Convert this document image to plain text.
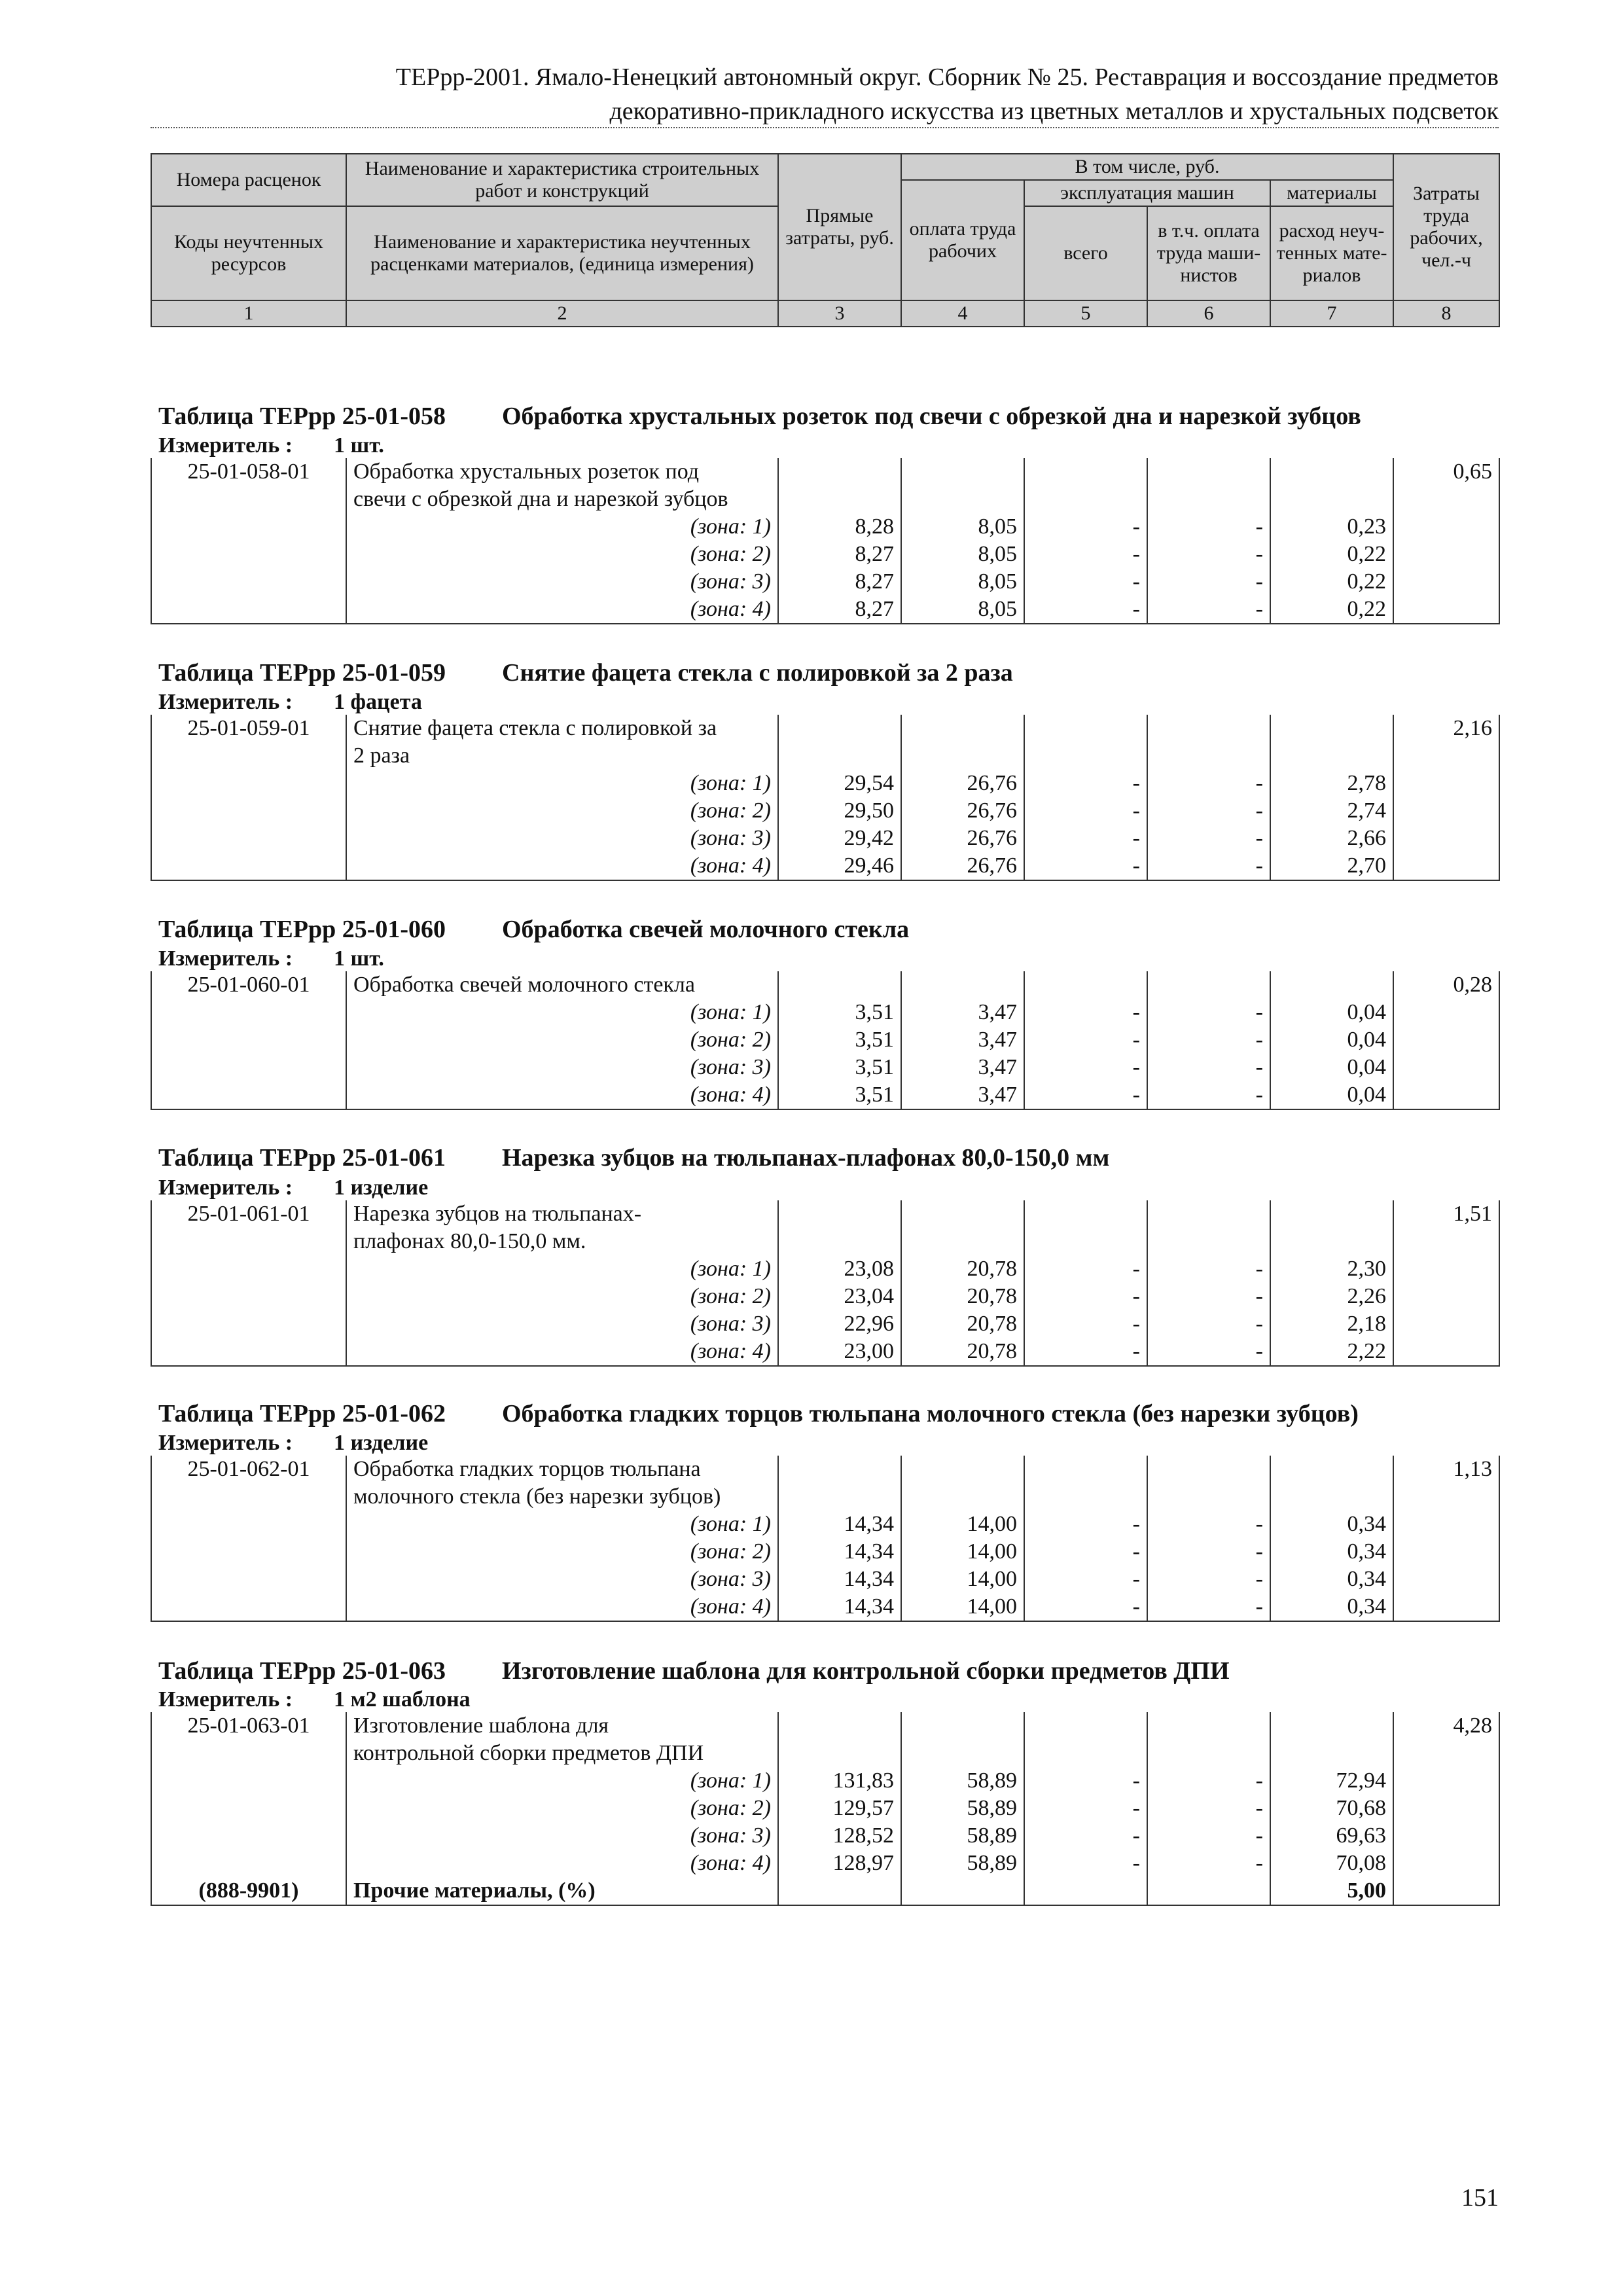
ТЕРрр-2001. Ямало-Ненецкий автономный округ. Сборник № 25. Реставрация и воссоздание предметов
декоративно-прикладного искусства из цветных металлов и хрустальных подсветок
Номера расценок	Наименование и характеристика строительных работ и конструкций	Прямые затраты, руб.	В том числе, руб.				Затраты труда рабочих, чел.-ч
			оплата труда рабочих	эксплуатация машин		материалы	
Коды неучтенных ресурсов	Наименование и характеристика неучтенных расценками материалов, (единица измерения)			всего	в т.ч. оплата труда маши-нистов	расход неуч-тенных мате-риалов	

1	2	3	4	5	6	7	8
Таблица ТЕРрр 25-01-058 Обработка хрустальных розеток под свечи с обрезкой дна и нарезкой зубцов
Измеритель : 1 шт.
25-01-058-01	Обработка хрустальных розеток под						0,65
	свечи с обрезкой дна и нарезкой зубцов						
	(зона: 1)	8,28	8,05	-	-	0,23	
	(зона: 2)	8,27	8,05	-	-	0,22	
	(зона: 3)	8,27	8,05	-	-	0,22	
	(зона: 4)	8,27	8,05	-	-	0,22	
Таблица ТЕРрр 25-01-059 Снятие фацета стекла с полировкой за 2 раза
Измеритель : 1 фацета
25-01-059-01	Снятие фацета стекла с полировкой за						2,16
	2 раза						
	(зона: 1)	29,54	26,76	-	-	2,78	
	(зона: 2)	29,50	26,76	-	-	2,74	
	(зона: 3)	29,42	26,76	-	-	2,66	
	(зона: 4)	29,46	26,76	-	-	2,70	
Таблица ТЕРрр 25-01-060 Обработка свечей молочного стекла
Измеритель : 1 шт.
25-01-060-01	Обработка свечей молочного стекла						0,28
	(зона: 1)	3,51	3,47	-	-	0,04	
	(зона: 2)	3,51	3,47	-	-	0,04	
	(зона: 3)	3,51	3,47	-	-	0,04	
	(зона: 4)	3,51	3,47	-	-	0,04	
Таблица ТЕРрр 25-01-061 Нарезка зубцов на тюльпанах-плафонах 80,0-150,0 мм
Измеритель : 1 изделие
25-01-061-01	Нарезка зубцов на тюльпанах-						1,51
	плафонах 80,0-150,0 мм.						
	(зона: 1)	23,08	20,78	-	-	2,30	
	(зона: 2)	23,04	20,78	-	-	2,26	
	(зона: 3)	22,96	20,78	-	-	2,18	
	(зона: 4)	23,00	20,78	-	-	2,22	
Таблица ТЕРрр 25-01-062 Обработка гладких торцов тюльпана молочного стекла (без нарезки зубцов)
Измеритель : 1 изделие
25-01-062-01	Обработка гладких торцов тюльпана						1,13
	молочного стекла (без нарезки зубцов)						
	(зона: 1)	14,34	14,00	-	-	0,34	
	(зона: 2)	14,34	14,00	-	-	0,34	
	(зона: 3)	14,34	14,00	-	-	0,34	
	(зона: 4)	14,34	14,00	-	-	0,34	
Таблица ТЕРрр 25-01-063 Изготовление шаблона для контрольной сборки предметов ДПИ
Измеритель : 1 м2 шаблона
25-01-063-01	Изготовление шаблона для						4,28
	контрольной сборки предметов ДПИ						
	(зона: 1)	131,83	58,89	-	-	72,94	
	(зона: 2)	129,57	58,89	-	-	70,68	
	(зона: 3)	128,52	58,89	-	-	69,63	
	(зона: 4)	128,97	58,89	-	-	70,08	
(888-9901)	Прочие материалы, (%)					5,00	
151
